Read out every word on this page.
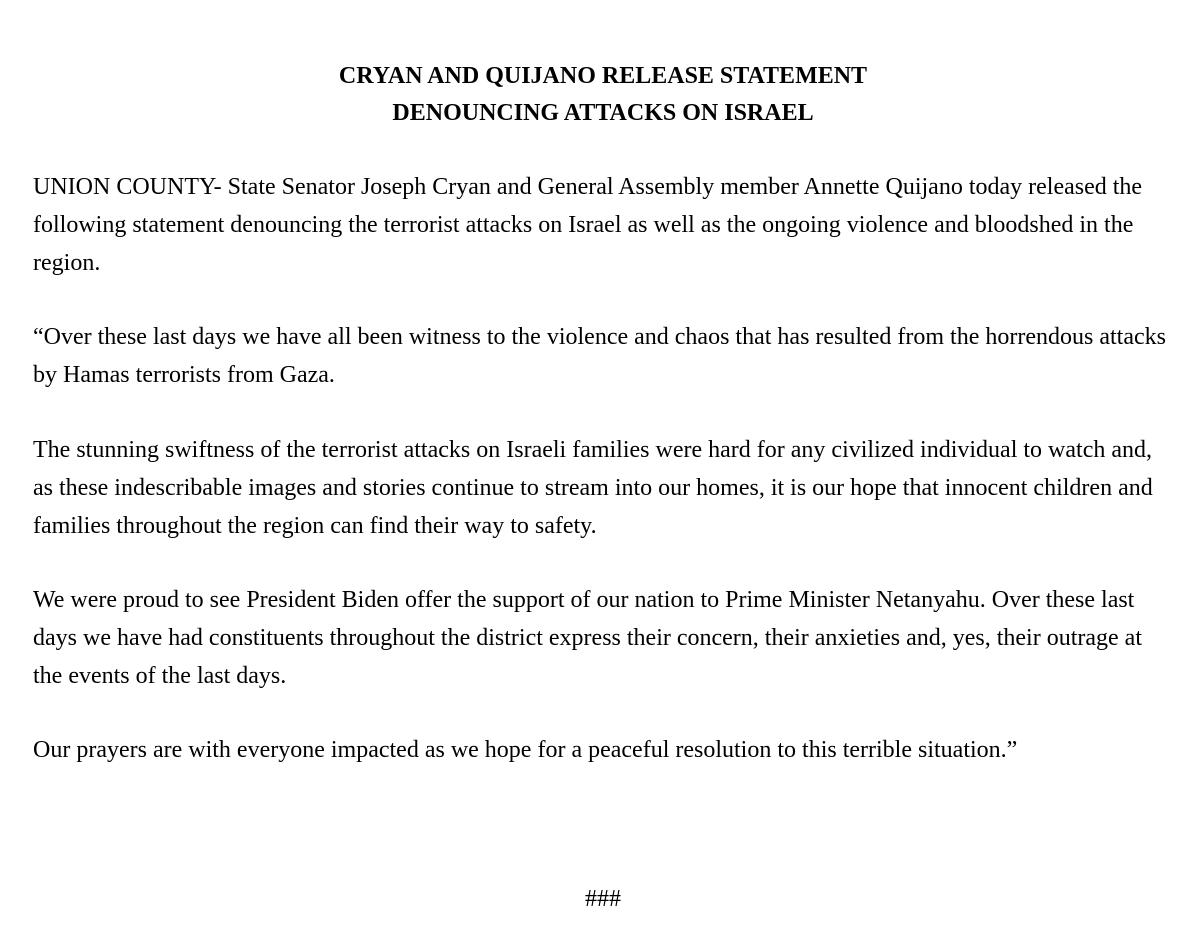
CRYAN AND QUIJANO RELEASE STATEMENT
DENOUNCING ATTACKS ON ISRAEL

UNION COUNTY- State Senator Joseph Cryan and General Assembly member Annette Quijano today released the following statement denouncing the terrorist attacks on Israel as well as the ongoing violence and bloodshed in the region.

“Over these last days we have all been witness to the violence and chaos that has resulted from the horrendous attacks by Hamas terrorists from Gaza.

The stunning swiftness of the terrorist attacks on Israeli families were hard for any civilized individual to watch and, as these indescribable images and stories continue to stream into our homes, it is our hope that innocent children and families throughout the region can find their way to safety.

We were proud to see President Biden offer the support of our nation to Prime Minister Netanyahu. Over these last days we have had constituents throughout the district express their concern, their anxieties and, yes, their outrage at the events of the last days.

Our prayers are with everyone impacted as we hope for a peaceful resolution to this terrible situation.”

###
